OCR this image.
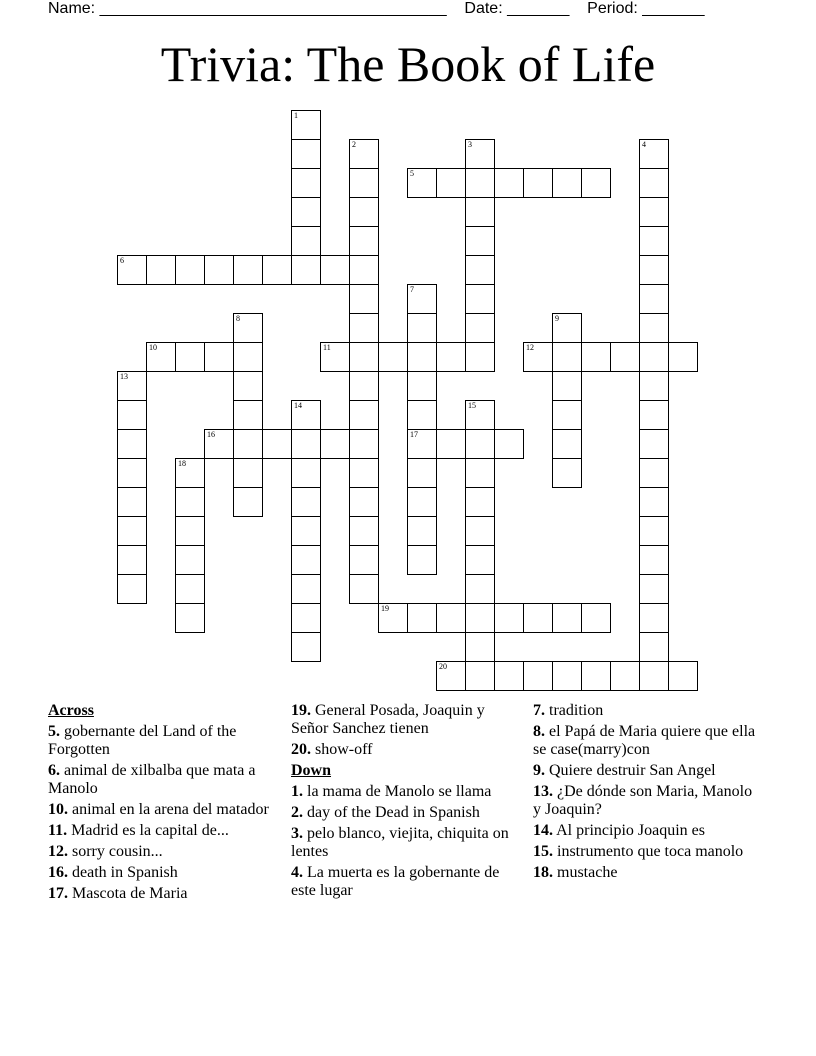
Name: _______________________________________    Date: _______    Period: _______
Trivia: The Book of Life
1
2	3	4
5
6
7
17
8	9
10	11	12
13
14	15
16
18
19
20
Across
5. gobernante del Land of the Forgotten
6. animal de xilbalba que mata a Manolo
10. animal en la arena del matador
11. Madrid es la capital de...
12. sorry cousin...
16. death in Spanish
17. Mascota de Maria
19. General Posada, Joaquin y Señor Sanchez tienen
20. show-off
Down
1. la mama de Manolo se llama
2. day of the Dead in Spanish
3. pelo blanco, viejita, chiquita on lentes
4. La muerta es la gobernante de este lugar
7. tradition
8. el Papá de Maria quiere que ella se case(marry)con
9. Quiere destruir San Angel
13. ¿De dónde son Maria, Manolo y Joaquin?
14. Al principio Joaquin es
15. instrumento que toca manolo
18. mustache
